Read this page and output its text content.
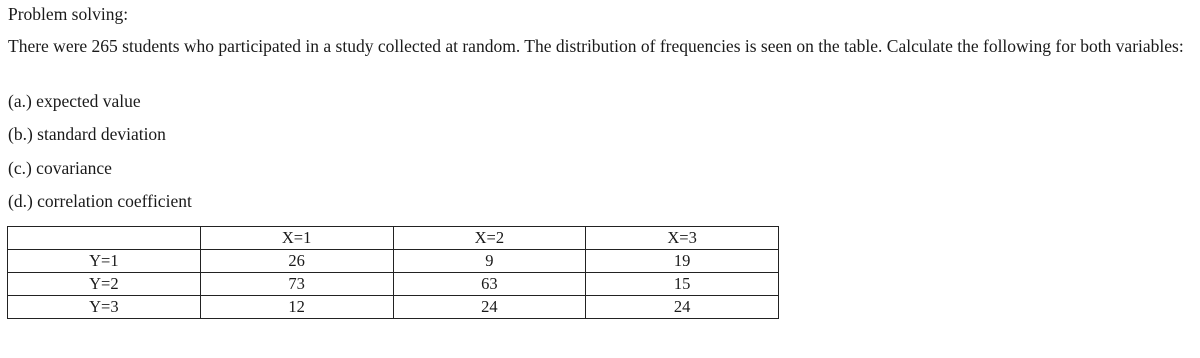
Problem solving:
There were 265 students who participated in a study collected at random. The distribution of frequencies is seen on the table. Calculate the following for both variables:
(a.) expected value
(b.) standard deviation
(c.) covariance
(d.) correlation coefficient
	X=1	X=2	X=3
Y=1	26	9	19
Y=2	73	63	15
Y=3	12	24	24
